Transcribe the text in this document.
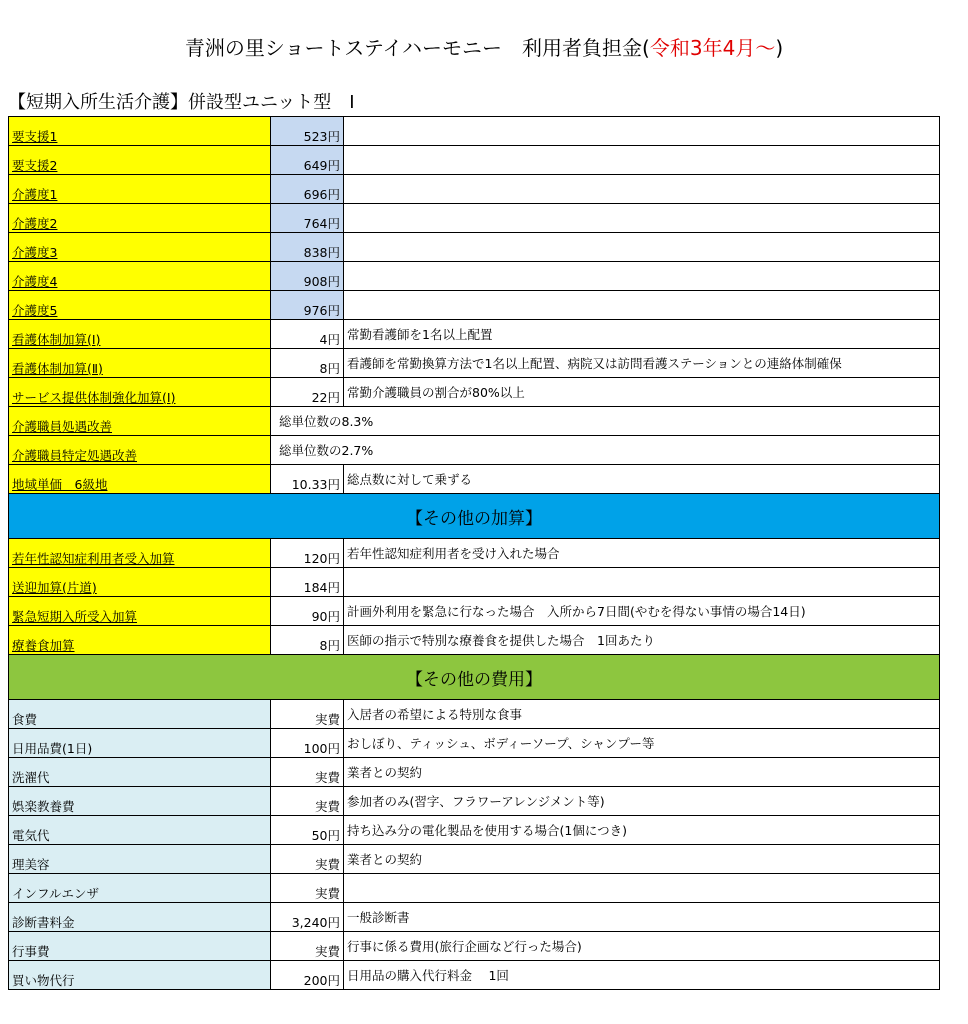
青洲の里ショートステイハーモニー　利用者負担金(令和3年4月～)
【短期入所生活介護】併設型ユニット型　Ⅰ
要支援1	523円	
要支援2	649円	
介護度1	696円	
介護度2	764円	
介護度3	838円	
介護度4	908円	
介護度5	976円	
看護体制加算(Ⅰ)	4円	常勤看護師を1名以上配置
看護体制加算(Ⅱ)	8円	看護師を常勤換算方法で1名以上配置、病院又は訪問看護ステーションとの連絡体制確保
サービス提供体制強化加算(Ⅰ)	22円	常勤介護職員の割合が80%以上
介護職員処遇改善	総単位数の8.3%	
介護職員特定処遇改善	総単位数の2.7%	
地域単価　6級地	10.33円	総点数に対して乗ずる
【その他の加算】		
若年性認知症利用者受入加算	120円	若年性認知症利用者を受け入れた場合
送迎加算(片道)	184円	
緊急短期入所受入加算	90円	計画外利用を緊急に行なった場合　入所から7日間(やむを得ない事情の場合14日)
療養食加算	8円	医師の指示で特別な療養食を提供した場合　1回あたり
【その他の費用】		
食費	実費	入居者の希望による特別な食事
日用品費(1日)	100円	おしぼり、ティッシュ、ボディーソープ、シャンプー等
洗濯代	実費	業者との契約
娯楽教養費	実費	参加者のみ(習字、フラワーアレンジメント等)
電気代	50円	持ち込み分の電化製品を使用する場合(1個につき)
理美容	実費	業者との契約
インフルエンザ	実費	
診断書料金	3,240円	一般診断書
行事費	実費	行事に係る費用(旅行企画など行った場合)
買い物代行	200円	日用品の購入代行料金　 1回
